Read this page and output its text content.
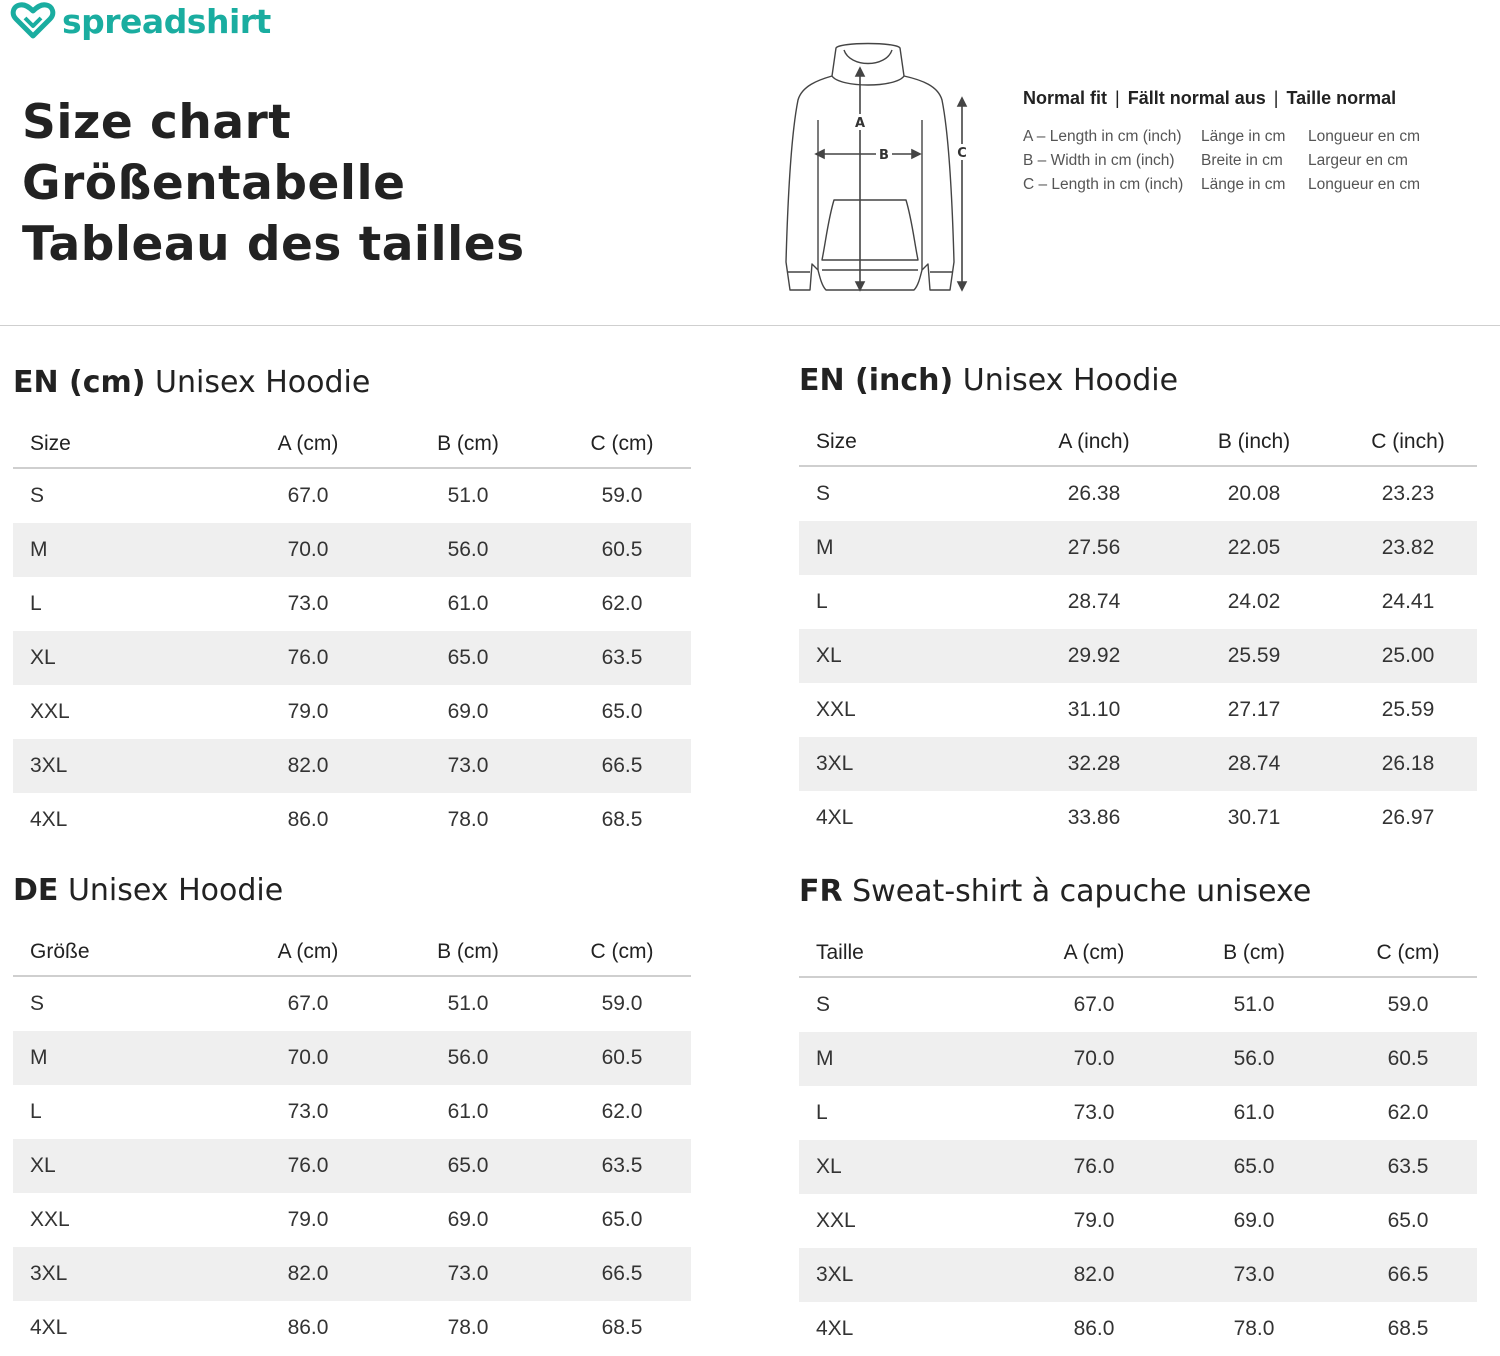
spreadshirt
Size chart
Größentabelle
Tableau des tailles
A
B	C
Normal fit | Fällt normal aus | Taille normal
A – Length in cm (inch)	Länge in cm	Longueur en cm
B – Width in cm (inch)	Breite in cm	Largeur en cm
C – Length in cm (inch)	Länge in cm	Longueur en cm
EN (cm) Unisex Hoodie
Size	A (cm)	B (cm)	C (cm)
S	67.0	51.0	59.0
M	70.0	56.0	60.5
L	73.0	61.0	62.0
XL	76.0	65.0	63.5
XXL	79.0	69.0	65.0
3XL	82.0	73.0	66.5
4XL	86.0	78.0	68.5
EN (inch) Unisex Hoodie
Size	A (inch)	B (inch)	C (inch)
S	26.38	20.08	23.23
M	27.56	22.05	23.82
L	28.74	24.02	24.41
XL	29.92	25.59	25.00
XXL	31.10	27.17	25.59
3XL	32.28	28.74	26.18
4XL	33.86	30.71	26.97
DE Unisex Hoodie
Größe	A (cm)	B (cm)	C (cm)
S	67.0	51.0	59.0
M	70.0	56.0	60.5
L	73.0	61.0	62.0
XL	76.0	65.0	63.5
XXL	79.0	69.0	65.0
3XL	82.0	73.0	66.5
4XL	86.0	78.0	68.5
FR Sweat-shirt à capuche unisexe
Taille	A (cm)	B (cm)	C (cm)
S	67.0	51.0	59.0
M	70.0	56.0	60.5
L	73.0	61.0	62.0
XL	76.0	65.0	63.5
XXL	79.0	69.0	65.0
3XL	82.0	73.0	66.5
4XL	86.0	78.0	68.5
